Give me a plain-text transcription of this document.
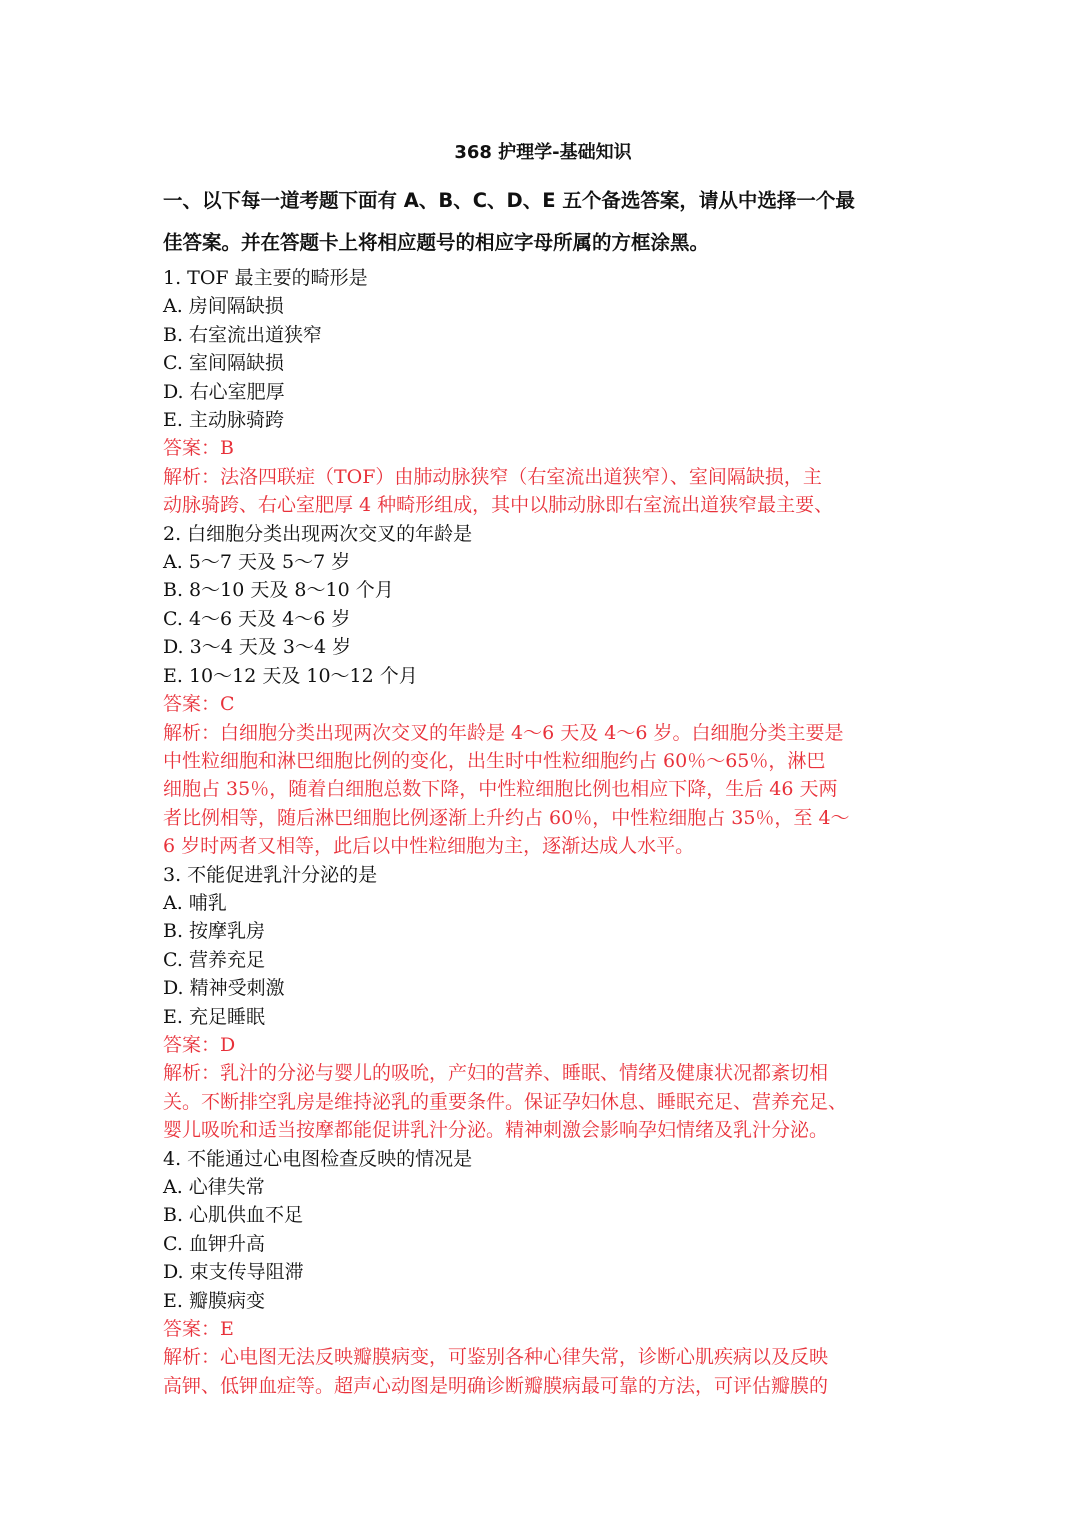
368 护理学-基础知识
一、以下每一道考题下面有 A、B、C、D、E 五个备选答案，请从中选择一个最
佳答案。并在答题卡上将相应题号的相应字母所属的方框涂黑。
1. TOF 最主要的畸形是
A. 房间隔缺损
B. 右室流出道狭窄
C. 室间隔缺损
D. 右心室肥厚
E. 主动脉骑跨
答案：B
解析：法洛四联症（TOF）由肺动脉狭窄（右室流出道狭窄）、室间隔缺损，主
动脉骑跨、右心室肥厚 4 种畸形组成，其中以肺动脉即右室流出道狭窄最主要、
2. 白细胞分类出现两次交叉的年龄是
A. 5～7 天及 5～7 岁
B. 8～10 天及 8～10 个月
C. 4～6 天及 4～6 岁
D. 3～4 天及 3～4 岁
E. 10～12 天及 10～12 个月
答案：C
解析：白细胞分类出现两次交叉的年龄是 4～6 天及 4～6 岁。白细胞分类主要是
中性粒细胞和淋巴细胞比例的变化，出生时中性粒细胞约占 60％～65％，淋巴
细胞占 35％，随着白细胞总数下降，中性粒细胞比例也相应下降，生后 46 天两
者比例相等，随后淋巴细胞比例逐渐上升约占 60％，中性粒细胞占 35％，至 4～
6 岁时两者又相等，此后以中性粒细胞为主，逐渐达成人水平。
3. 不能促进乳汁分泌的是
A. 哺乳
B. 按摩乳房
C. 营养充足
D. 精神受刺激
E. 充足睡眠
答案：D
解析：乳汁的分泌与婴儿的吸吮，产妇的营养、睡眠、情绪及健康状况都紊切相
关。不断排空乳房是维持泌乳的重要条件。保证孕妇休息、睡眠充足、营养充足、
婴儿吸吮和适当按摩都能促讲乳汁分泌。精神刺激会影响孕妇情绪及乳汁分泌。
4. 不能通过心电图检查反映的情况是
A. 心律失常
B. 心肌供血不足
C. 血钾升高
D. 束支传导阻滞
E. 瓣膜病变
答案：E
解析：心电图无法反映瓣膜病变，可鉴别各种心律失常，诊断心肌疾病以及反映
高钾、低钾血症等。超声心动图是明确诊断瓣膜病最可靠的方法，可评估瓣膜的
